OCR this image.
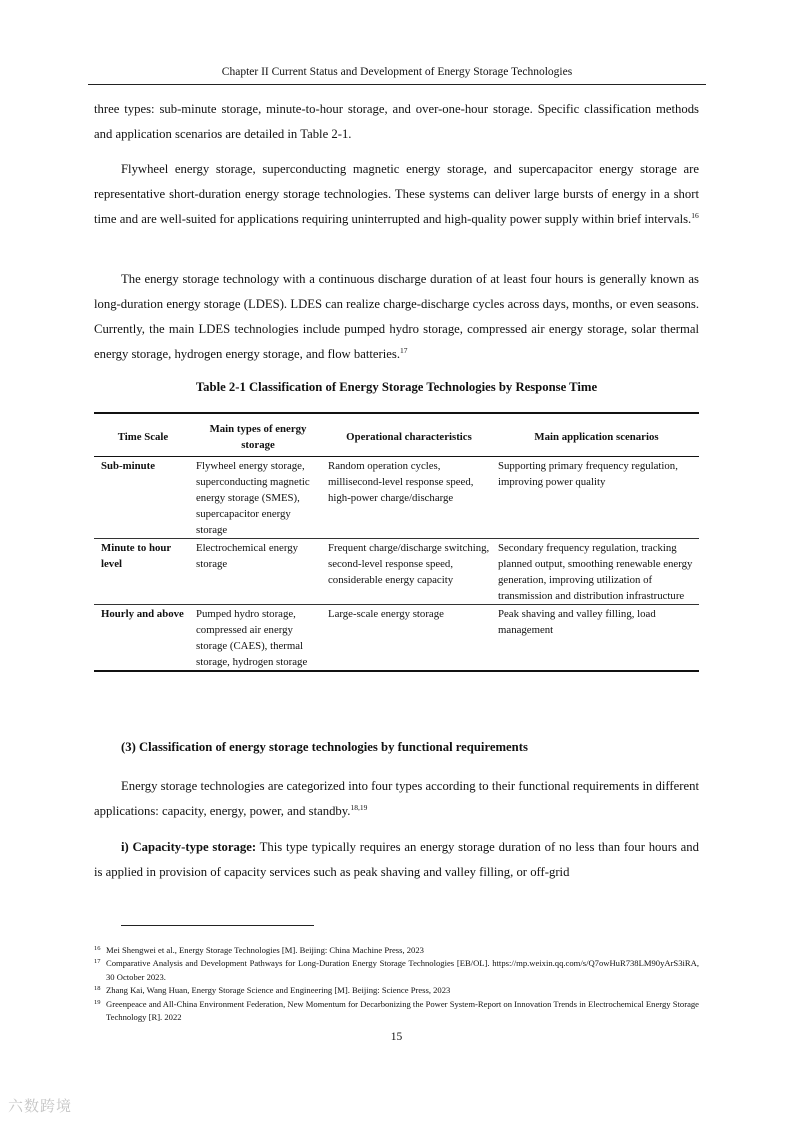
Chapter II Current Status and Development of Energy Storage Technologies

three types: sub-minute storage, minute-to-hour storage, and over-one-hour storage. Specific classification methods and application scenarios are detailed in Table 2-1.

Flywheel energy storage, superconducting magnetic energy storage, and supercapacitor energy storage are representative short-duration energy storage technologies. These systems can deliver large bursts of energy in a short time and are well-suited for applications requiring uninterrupted and high-quality power supply within brief intervals.$^{16}$

The energy storage technology with a continuous discharge duration of at least four hours is generally known as long-duration energy storage (LDES). LDES can realize charge-discharge cycles across days, months, or even seasons. Currently, the main LDES technologies include pumped hydro storage, compressed air energy storage, solar thermal energy storage, hydrogen energy storage, and flow batteries.$^{17}$

Table 2-1 Classification of Energy Storage Technologies by Response Time
Time Scale	Main types of energy storage	Operational characteristics	Main application scenarios
Sub-minute	Flywheel energy storage, superconducting magnetic energy storage (SMES), supercapacitor energy storage	Random operation cycles, millisecond-level response speed, high-power charge/discharge	Supporting primary frequency regulation, improving power quality
Minute to hour level	Electrochemical energy storage	Frequent charge/discharge switching, second-level response speed, considerable energy capacity	Secondary frequency regulation, tracking planned output, smoothing renewable energy generation, improving utilization of transmission and distribution infrastructure
Hourly and above	Pumped hydro storage, compressed air energy storage (CAES), thermal storage, hydrogen storage	Large-scale energy storage	Peak shaving and valley filling, load management
(3) Classification of energy storage technologies by functional requirements

Energy storage technologies are categorized into four types according to their functional requirements in different applications: capacity, energy, power, and standby.$^{18,19}$

i) Capacity-type storage: This type typically requires an energy storage duration of no less than four hours and is applied in provision of capacity services such as peak shaving and valley filling, or off-grid

16 Mei Shengwei et al., Energy Storage Technologies [M]. Beijing: China Machine Press, 2023
17 Comparative Analysis and Development Pathways for Long-Duration Energy Storage Technologies [EB/OL]. https://mp.weixin.qq.com/s/Q7owHuR738LM90yArS3iRA, 30 October 2023.
18 Zhang Kai, Wang Huan, Energy Storage Science and Engineering [M]. Beijing: Science Press, 2023
19 Greenpeace and All-China Environment Federation, New Momentum for Decarbonizing the Power System-Report on Innovation Trends in Electrochemical Energy Storage Technology [R]. 2022
15
六数跨境
